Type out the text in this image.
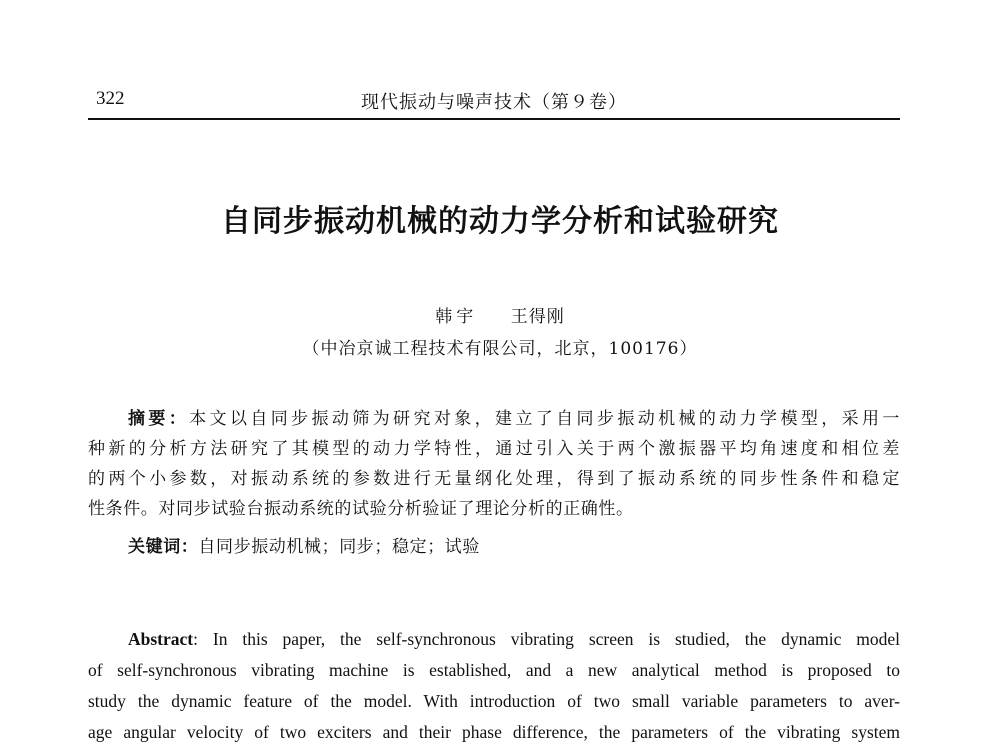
322	现代振动与噪声技术（第９卷）
自同步振动机械的动力学分析和试验研究
韩宇 王得刚
（中冶京诚工程技术有限公司，北京，100176）
摘要：本文以自同步振动筛为研究对象，建立了自同步振动机械的动力学模型，采用一
种新的分析方法研究了其模型的动力学特性，通过引入关于两个激振器平均角速度和相位差
的两个小参数，对振动系统的参数进行无量纲化处理，得到了振动系统的同步性条件和稳定
性条件。对同步试验台振动系统的试验分析验证了理论分析的正确性。
关键词：自同步振动机械；同步；稳定；试验
Abstract: In this paper, the self-synchronous vibrating screen is studied, the dynamic model
of self-synchronous vibrating machine is established, and a new analytical method is proposed to
study the dynamic feature of the model. With introduction of two small variable parameters to aver-
age angular velocity of two exciters and their phase difference, the parameters of the vibrating system
